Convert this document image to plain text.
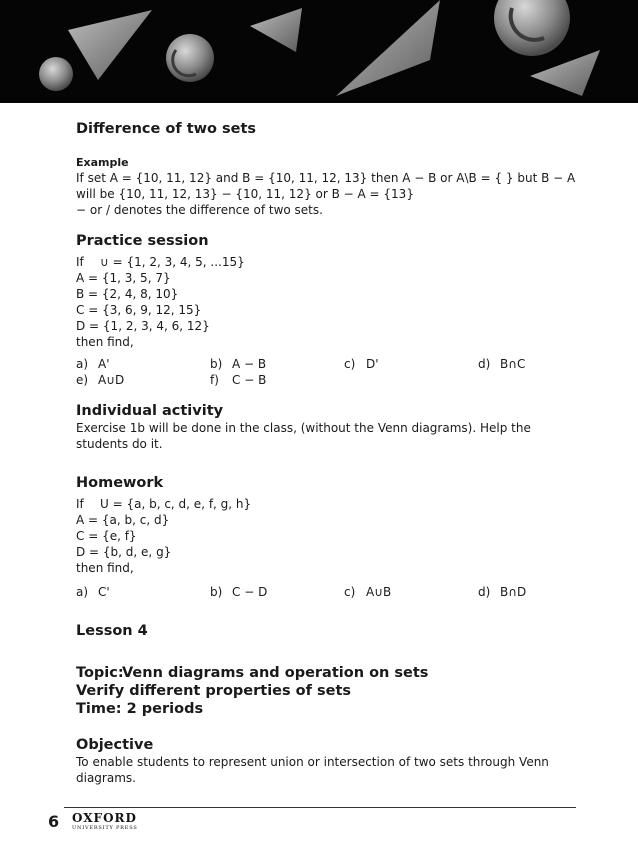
Difference of two sets
Example

If set A = {10, 11, 12} and B = {10, 11, 12, 13} then A − B or A\B = { } but B − A

will be {10, 11, 12, 13} − {10, 11, 12} or B − A = {13}

− or / denotes the difference of two sets.

Practice session
If	∪ = {1, 2, 3, 4, 5, ...15}
A = {1, 3, 5, 7}
B = {2, 4, 8, 10}
C = {3, 6, 9, 12, 15}
D = {1, 2, 3, 4, 6, 12}

then find,

a) A'	b) A − B	c) D'	d) B∩C
e) A∪D	f)	C − B
Individual activity

Exercise 1b will be done in the class, (without the Venn diagrams). Help the

students do it.

Homework
If	U = {a, b, c, d, e, f, g, h}
A = {a, b, c, d}
C = {e, f}
D = {b, d, e, g}

then find,

a) C'	b) C − D	c) A∪B	d) B∩D
Lesson 4
Topic:
Venn diagrams and operation on sets
Verify different properties of sets
Time: 2 periods
Objective

To enable students to represent union or intersection of two sets through Venn

diagrams.

6 OXFORD
UNIVERSITY PRESS
